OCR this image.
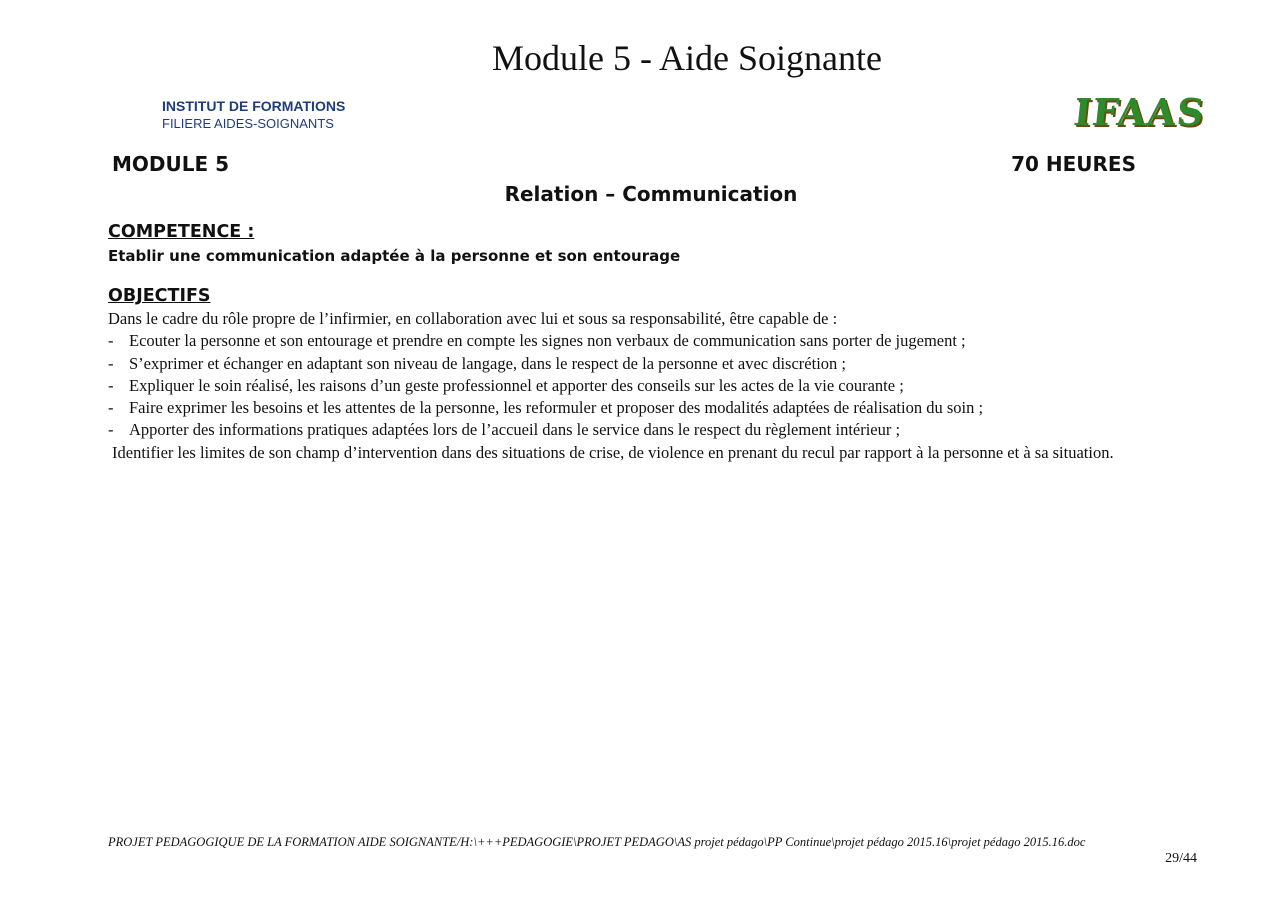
Module 5 - Aide Soignante
INSTITUT DE FORMATIONS
FILIERE AIDES-SOIGNANTS	IFAAS
MODULE 5	70 HEURES
Relation – Communication
COMPETENCE :
Etablir une communication adaptée à la personne et son entourage
OBJECTIFS
Dans le cadre du rôle propre de l’infirmier, en collaboration avec lui et sous sa responsabilité, être capable de :
- Ecouter la personne et son entourage et prendre en compte les signes non verbaux de communication sans porter de jugement ;
- S’exprimer et échanger en adaptant son niveau de langage, dans le respect de la personne et avec discrétion ;
- Expliquer le soin réalisé, les raisons d’un geste professionnel et apporter des conseils sur les actes de la vie courante ;
- Faire exprimer les besoins et les attentes de la personne, les reformuler et proposer des modalités adaptées de réalisation du soin ;
- Apporter des informations pratiques adaptées lors de l’accueil dans le service dans le respect du règlement intérieur ;
Identifier les limites de son champ d’intervention dans des situations de crise, de violence en prenant du recul par rapport à la personne et à sa situation.
PROJET PEDAGOGIQUE DE LA FORMATION AIDE SOIGNANTE/H:\+++PEDAGOGIE\PROJET PEDAGO\AS projet pédago\PP Continue\projet pédago 2015.16\projet pédago 2015.16.doc
29/44
